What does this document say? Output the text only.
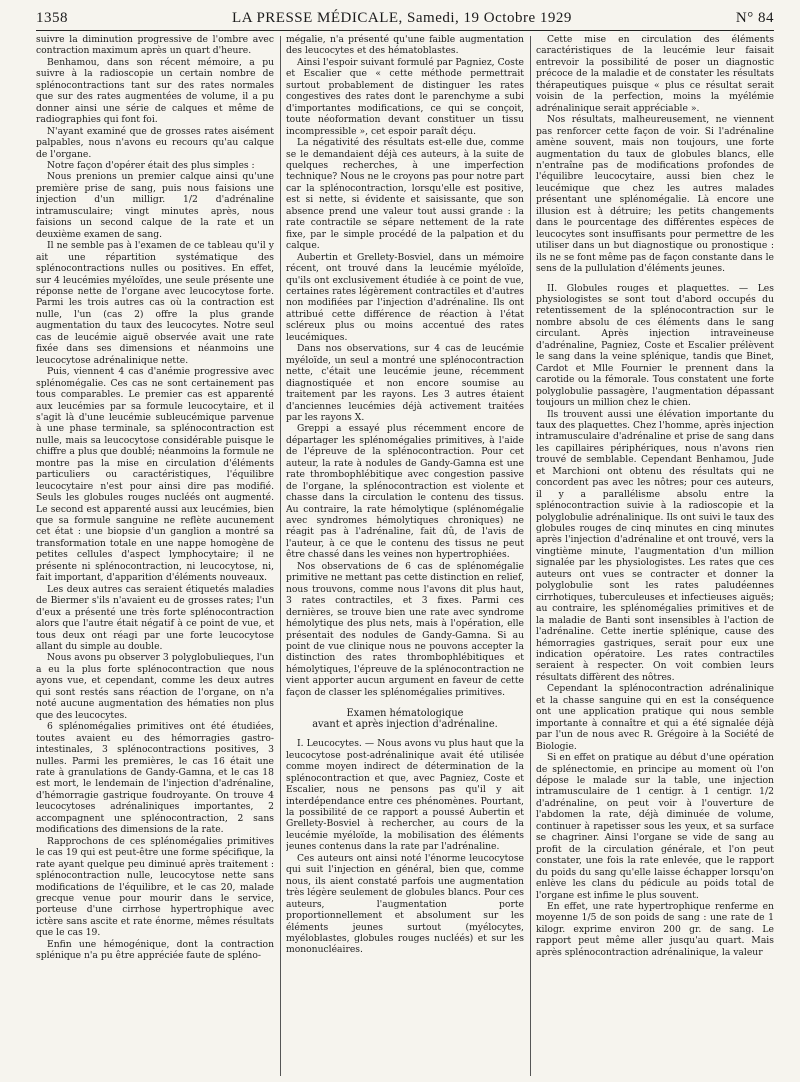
1358	LA PRESSE MÉDICALE, Samedi, 19 Octobre 1929	N° 84

suivre la diminution progressive de l'ombre avec contraction maximum après un quart d'heure.

Benhamou, dans son récent mémoire, a pu suivre à la radioscopie un certain nombre de splénocontractions tant sur des rates normales que sur des rates augmentées de volume, il a pu donner ainsi une série de calques et même de radiographies qui font foi.

N'ayant examiné que de grosses rates aisément palpables, nous n'avons eu recours qu'au calque de l'organe.

Notre façon d'opérer était des plus simples :

Nous prenions un premier calque ainsi qu'une première prise de sang, puis nous faisions une injection d'un milligr. 1/2 d'adrénaline intramusculaire; vingt minutes après, nous faisions un second calque de la rate et un deuxième examen de sang.

Il ne semble pas à l'examen de ce tableau qu'il y ait une répartition systématique des splénocontractions nulles ou positives. En effet, sur 4 leucémies myéloïdes, une seule présente une réponse nette de l'organe avec leucocytose forte. Parmi les trois autres cas où la contraction est nulle, l'un (cas 2) offre la plus grande augmentation du taux des leucocytes. Notre seul cas de leucémie aiguë observée avait une rate fixée dans ses dimensions et néanmoins une leucocytose adrénalinique nette.

Puis, viennent 4 cas d'anémie progressive avec splénomégalie. Ces cas ne sont certainement pas tous comparables. Le premier cas est apparenté aux leucémies par sa formule leucocytaire, et il s'agit là d'une leucémie subleucémique parvenue à une phase terminale, sa splénocontraction est nulle, mais sa leucocytose considérable puisque le chiffre a plus que doublé; néanmoins la formule ne montre pas la mise en circulation d'éléments particuliers ou caractéristiques, l'équilibre leucocytaire n'est pour ainsi dire pas modifié. Seuls les globules rouges nucléés ont augmenté. Le second est apparenté aussi aux leucémies, bien que sa formule sanguine ne reflète aucunement cet état : une biopsie d'un ganglion a montré sa transformation totale en une nappe homogène de petites cellules d'aspect lymphocytaire; il ne présente ni splénocontraction, ni leucocytose, ni, fait important, d'apparition d'éléments nouveaux.

Les deux autres cas seraient étiquetés maladies de Biermer s'ils n'avaient eu de grosses rates; l'un d'eux a présenté une très forte splénocontraction alors que l'autre était négatif à ce point de vue, et tous deux ont réagi par une forte leucocytose allant du simple au double.

Nous avons pu observer 3 polyglobulieques, l'un a eu la plus forte splénocontraction que nous ayons vue, et cependant, comme les deux autres qui sont restés sans réaction de l'organe, on n'a noté aucune augmentation des hématies non plus que des leucocytes.

6 splénomégalies primitives ont été étudiées, toutes avaient eu des hémorragies gastro-intestinales, 3 splénocontractions positives, 3 nulles. Parmi les premières, le cas 16 était une rate à granulations de Gandy-Gamna, et le cas 18 est mort, le lendemain de l'injection d'adrénaline, d'hémorragie gastrique foudroyante. On trouve 4 leucocytoses adrénaliniques importantes, 2 accompagnent une splénocontraction, 2 sans modifications des dimensions de la rate.

Rapprochons de ces splénomégalies primitives le cas 19 qui est peut-être une forme spécifique, la rate ayant quelque peu diminué après traitement : splénocontraction nulle, leucocytose nette sans modifications de l'équilibre, et le cas 20, malade grecque venue pour mourir dans le service, porteuse d'une cirrhose hypertrophique avec ictère sans ascite et rate énorme, mêmes résultats que le cas 19.

Enfin une hémogénique, dont la contraction splénique n'a pu être appréciée faute de spléno-

mégalie, n'a présenté qu'une faible augmentation des leucocytes et des hématoblastes.

Ainsi l'espoir suivant formulé par Pagniez, Coste et Escalier que « cette méthode permettrait surtout probablement de distinguer les rates congestives des rates dont le parenchyme a subi d'importantes modifications, ce qui se conçoit, toute néoformation devant constituer un tissu incompressible », cet espoir paraît déçu.

La négativité des résultats est-elle due, comme se le demandaient déjà ces auteurs, à la suite de quelques recherches, à une imperfection technique? Nous ne le croyons pas pour notre part car la splénocontraction, lorsqu'elle est positive, est si nette, si évidente et saisissante, que son absence prend une valeur tout aussi grande : la rate contractile se sépare nettement de la rate fixe, par le simple procédé de la palpation et du calque.

Aubertin et Grellety-Bosviel, dans un mémoire récent, ont trouvé dans la leucémie myéloïde, qu'ils ont exclusivement étudiée à ce point de vue, certaines rates légèrement contractiles et d'autres non modifiées par l'injection d'adrénaline. Ils ont attribué cette différence de réaction à l'état scléreux plus ou moins accentué des rates leucémiques.

Dans nos observations, sur 4 cas de leucémie myéloïde, un seul a montré une splénocontraction nette, c'était une leucémie jeune, récemment diagnostiquée et non encore soumise au traitement par les rayons. Les 3 autres étaient d'anciennes leucémies déjà activement traitées par les rayons X.

Greppi a essayé plus récemment encore de départager les splénomégalies primitives, à l'aide de l'épreuve de la splénocontraction. Pour cet auteur, la rate à nodules de Gandy-Gamna est une rate thrombophlébitique avec congestion passive de l'organe, la splénocontraction est violente et chasse dans la circulation le contenu des tissus. Au contraire, la rate hémolytique (splénomégalie avec syndromes hémolytiques chroniques) ne réagit pas à l'adrénaline, fait dû, de l'avis de l'auteur, à ce que le contenu des tissus ne peut être chassé dans les veines non hypertrophiées.

Nos observations de 6 cas de splénomégalie primitive ne mettant pas cette distinction en relief, nous trouvons, comme nous l'avons dit plus haut, 3 rates contractiles, et 3 fixes. Parmi ces dernières, se trouve bien une rate avec syndrome hémolytique des plus nets, mais à l'opération, elle présentait des nodules de Gandy-Gamna. Si au point de vue clinique nous ne pouvons accepter la distinction des rates thrombophlébitiques et hémolytiques, l'épreuve de la splénocontraction ne vient apporter aucun argument en faveur de cette façon de classer les splénomégalies primitives.

Examen hématologique
avant et après injection d'adrénaline.

I. Leucocytes. — Nous avons vu plus haut que la leucocytose post-adrénalinique avait été utilisée comme moyen indirect de détermination de la splénocontraction et que, avec Pagniez, Coste et Escalier, nous ne pensons pas qu'il y ait interdépendance entre ces phénomènes. Pourtant, la possibilité de ce rapport a poussé Aubertin et Grellety-Bosviel à rechercher, au cours de la leucémie myéloïde, la mobilisation des éléments jeunes contenus dans la rate par l'adrénaline.

Ces auteurs ont ainsi noté l'énorme leucocytose qui suit l'injection en général, bien que, comme nous, ils aient constaté parfois une augmentation très légère seulement de globules blancs. Pour ces auteurs, l'augmentation porte proportionnellement et absolument sur les éléments jeunes surtout (myélocytes, myéloblastes, globules rouges nucléés) et sur les mononucléaires.

Cette mise en circulation des éléments caractéristiques de la leucémie leur faisait entrevoir la possibilité de poser un diagnostic précoce de la maladie et de constater les résultats thérapeutiques puisque « plus ce résultat serait voisin de la perfection, moins la myélémie adrénalinique serait appréciable ».

Nos résultats, malheureusement, ne viennent pas renforcer cette façon de voir. Si l'adrénaline amène souvent, mais non toujours, une forte augmentation du taux de globules blancs, elle n'entraîne pas de modifications profondes de l'équilibre leucocytaire, aussi bien chez le leucémique que chez les autres malades présentant une splénomégalie. Là encore une illusion est à détruire; les petits changements dans le pourcentage des différentes espèces de leucocytes sont insuffisants pour permettre de les utiliser dans un but diagnostique ou pronostique : ils ne se font même pas de façon constante dans le sens de la pullulation d'éléments jeunes.

II. Globules rouges et plaquettes. — Les physiologistes se sont tout d'abord occupés du retentissement de la splénocontraction sur le nombre absolu de ces éléments dans le sang circulant. Après injection intraveineuse d'adrénaline, Pagniez, Coste et Escalier prélèvent le sang dans la veine splénique, tandis que Binet, Cardot et Mlle Fournier le prennent dans la carotide ou la fémorale. Tous constatent une forte polyglobulie passagère, l'augmentation dépassant toujours un million chez le chien.

Ils trouvent aussi une élévation importante du taux des plaquettes. Chez l'homme, après injection intramusculaire d'adrénaline et prise de sang dans les capillaires périphériques, nous n'avons rien trouvé de semblable. Cependant Benhamou, Jude et Marchioni ont obtenu des résultats qui ne concordent pas avec les nôtres; pour ces auteurs, il y a parallélisme absolu entre la splénocontraction suivie à la radioscopie et la polyglobulie adrénalinique. Ils ont suivi le taux des globules rouges de cinq minutes en cinq minutes après l'injection d'adrénaline et ont trouvé, vers la vingtième minute, l'augmentation d'un million signalée par les physiologistes. Les rates que ces auteurs ont vues se contracter et donner la polyglobulie sont les rates paludéennes cirrhotiques, tuberculeuses et infectieuses aiguës; au contraire, les splénomégalies primitives et de la maladie de Banti sont insensibles à l'action de l'adrénaline. Cette inertie splénique, cause des hémorragies gastriques, serait pour eux une indication opératoire. Les rates contractiles seraient à respecter. On voit combien leurs résultats diffèrent des nôtres.

Cependant la splénocontraction adrénalinique et la chasse sanguine qui en est la conséquence ont une application pratique qui nous semble importante à connaître et qui a été signalée déjà par l'un de nous avec R. Grégoire à la Société de Biologie.

Si en effet on pratique au début d'une opération de splénectomie, en principe au moment où l'on dépose le malade sur la table, une injection intramusculaire de 1 centigr. à 1 centigr. 1/2 d'adrénaline, on peut voir à l'ouverture de l'abdomen la rate, déjà diminuée de volume, continuer à rapetisser sous les yeux, et sa surface se chagriner. Ainsi l'organe se vide de sang au profit de la circulation générale, et l'on peut constater, une fois la rate enlevée, que le rapport du poids du sang qu'elle laisse échapper lorsqu'on enlève les clans du pédicule au poids total de l'organe est infime le plus souvent.

En effet, une rate hypertrophique renferme en moyenne 1/5 de son poids de sang : une rate de 1 kilogr. exprime environ 200 gr. de sang. Le rapport peut même aller jusqu'au quart. Mais après splénocontraction adrénalinique, la valeur
